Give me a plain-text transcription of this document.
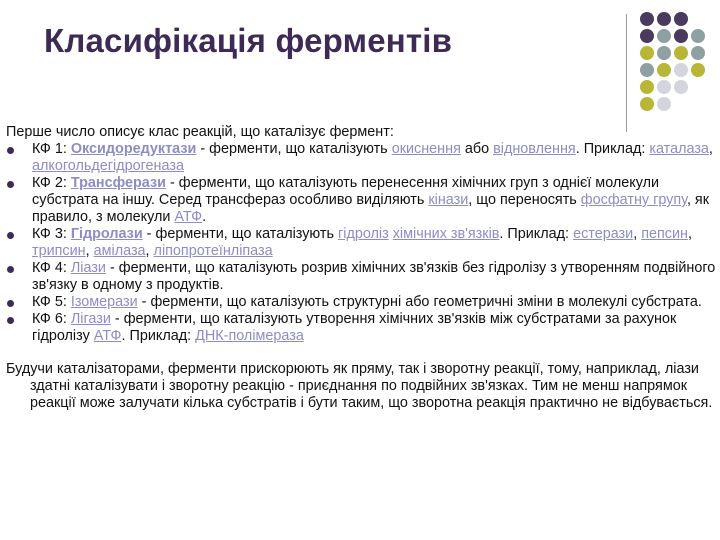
Класифікація ферментів

Перше число описує клас реакцій, що каталізує фермент:

КФ 1: Оксидоредуктази - ферменти, що каталізують окиснення або відновлення. Приклад: каталаза, алкогольдегідрогеназа
КФ 2: Трансферази - ферменти, що каталізують перенесення хімічних груп з однієї молекули субстрата на іншу. Серед трансфераз особливо виділяють кінази, що переносять фосфатну групу, як правило, з молекули АТФ.
КФ 3: Гідролази - ферменти, що каталізують гідроліз хімічних зв'язків. Приклад: естерази, пепсин, трипсин, амілаза, ліпопротеїнліпаза
КФ 4: Ліази - ферменти, що каталізують розрив хімічних зв'язків без гідролізу з утворенням подвійного зв'язку в одному з продуктів.
КФ 5: Ізомерази - ферменти, що каталізують структурні або геометричні зміни в молекулі субстрата.
КФ 6: Лігази - ферменти, що каталізують утворення хімічних зв'язків між субстратами за рахунок гідролізу АТФ. Приклад: ДНК-полімераза

Будучи каталізаторами, ферменти прискорюють як пряму, так і зворотну реакції, тому, наприклад, ліази здатні каталізувати і зворотну реакцію - приєднання по подвійних зв'язках. Тим не менш напрямок реакції може залучати кілька субстратів і бути таким, що зворотна реакція практично не відбувається.
